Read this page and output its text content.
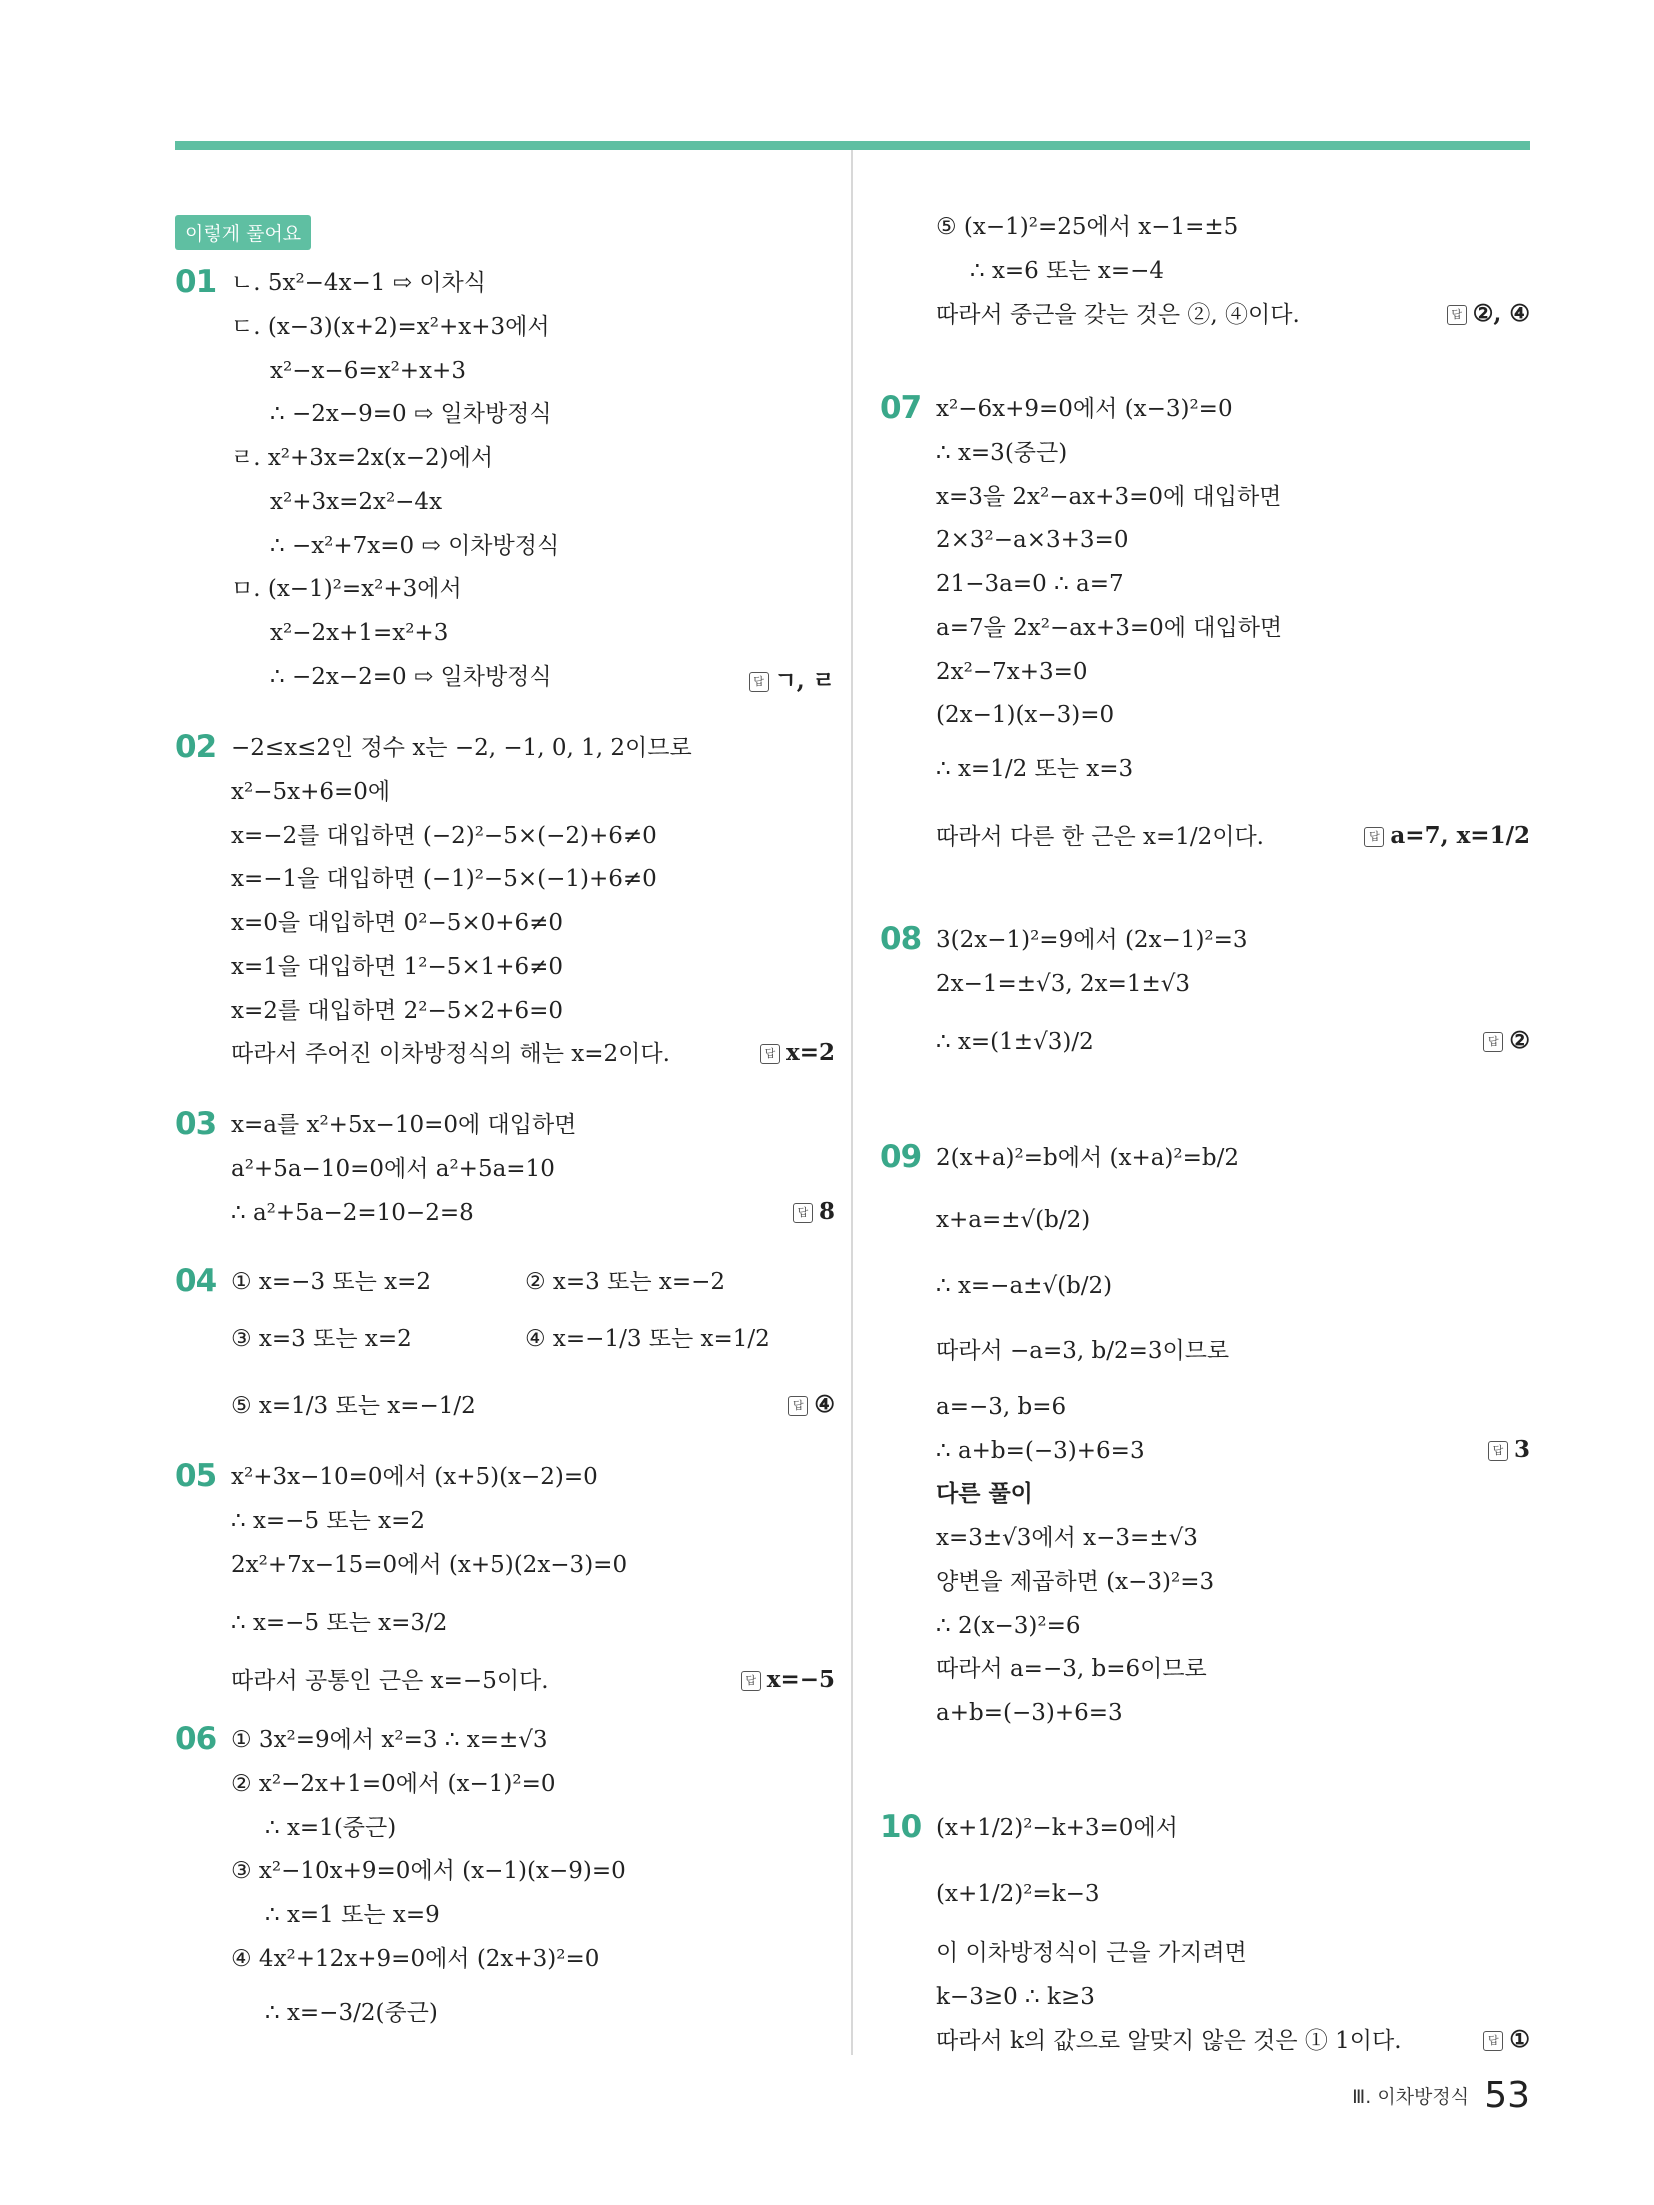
이렇게 풀어요
01 ㄴ. 5x²−4x−1 ⇨ 이차식
ㄷ. (x−3)(x+2)=x²+x+3에서
x²−x−6=x²+x+3
∴ −2x−9=0 ⇨ 일차방정식
ㄹ. x²+3x=2x(x−2)에서
x²+3x=2x²−4x
∴ −x²+7x=0 ⇨ 이차방정식
ㅁ. (x−1)²=x²+3에서
x²−2x+1=x²+3
∴ −2x−2=0 ⇨ 일차방정식	답 ㄱ, ㄹ
02 −2≤x≤2인 정수 x는 −2, −1, 0, 1, 2이므로
x²−5x+6=0에
x=−2를 대입하면 (−2)²−5×(−2)+6≠0
x=−1을 대입하면 (−1)²−5×(−1)+6≠0
x=0을 대입하면 0²−5×0+6≠0
x=1을 대입하면 1²−5×1+6≠0
x=2를 대입하면 2²−5×2+6=0
따라서 주어진 이차방정식의 해는 x=2이다.	답 x=2
03 x=a를 x²+5x−10=0에 대입하면
a²+5a−10=0에서 a²+5a=10
∴ a²+5a−2=10−2=8	답 8
04 ① x=−3 또는 x=2	② x=3 또는 x=−2
③ x=3 또는 x=2	④ x=−1/3 또는 x=1/2
⑤ x=1/3 또는 x=−1/2	답 ④
05 x²+3x−10=0에서 (x+5)(x−2)=0
∴ x=−5 또는 x=2
2x²+7x−15=0에서 (x+5)(2x−3)=0
∴ x=−5 또는 x=3/2
따라서 공통인 근은 x=−5이다.	답 x=−5
06 ① 3x²=9에서 x²=3 ∴ x=±√3
② x²−2x+1=0에서 (x−1)²=0
∴ x=1(중근)
③ x²−10x+9=0에서 (x−1)(x−9)=0
∴ x=1 또는 x=9
④ 4x²+12x+9=0에서 (2x+3)²=0
∴ x=−3/2(중근)
⑤ (x−1)²=25에서 x−1=±5
∴ x=6 또는 x=−4
따라서 중근을 갖는 것은 ②, ④이다.	답 ②, ④
07 x²−6x+9=0에서 (x−3)²=0
∴ x=3(중근)
x=3을 2x²−ax+3=0에 대입하면
2×3²−a×3+3=0
21−3a=0 ∴ a=7
a=7을 2x²−ax+3=0에 대입하면
2x²−7x+3=0
(2x−1)(x−3)=0
∴ x=1/2 또는 x=3
따라서 다른 한 근은 x=1/2이다.	답 a=7, x=1/2
08 3(2x−1)²=9에서 (2x−1)²=3
2x−1=±√3, 2x=1±√3
∴ x=(1±√3)/2	답 ②
09 2(x+a)²=b에서 (x+a)²=b/2
x+a=±√(b/2)
∴ x=−a±√(b/2)
따라서 −a=3, b/2=3이므로
a=−3, b=6
∴ a+b=(−3)+6=3	답 3
다른 풀이
x=3±√3에서 x−3=±√3
양변을 제곱하면 (x−3)²=3
∴ 2(x−3)²=6
따라서 a=−3, b=6이므로
a+b=(−3)+6=3
10 (x+1/2)²−k+3=0에서
(x+1/2)²=k−3
이 이차방정식이 근을 가지려면
k−3≥0 ∴ k≥3
따라서 k의 값으로 알맞지 않은 것은 ① 1이다.	답 ①
Ⅲ. 이차방정식 53
